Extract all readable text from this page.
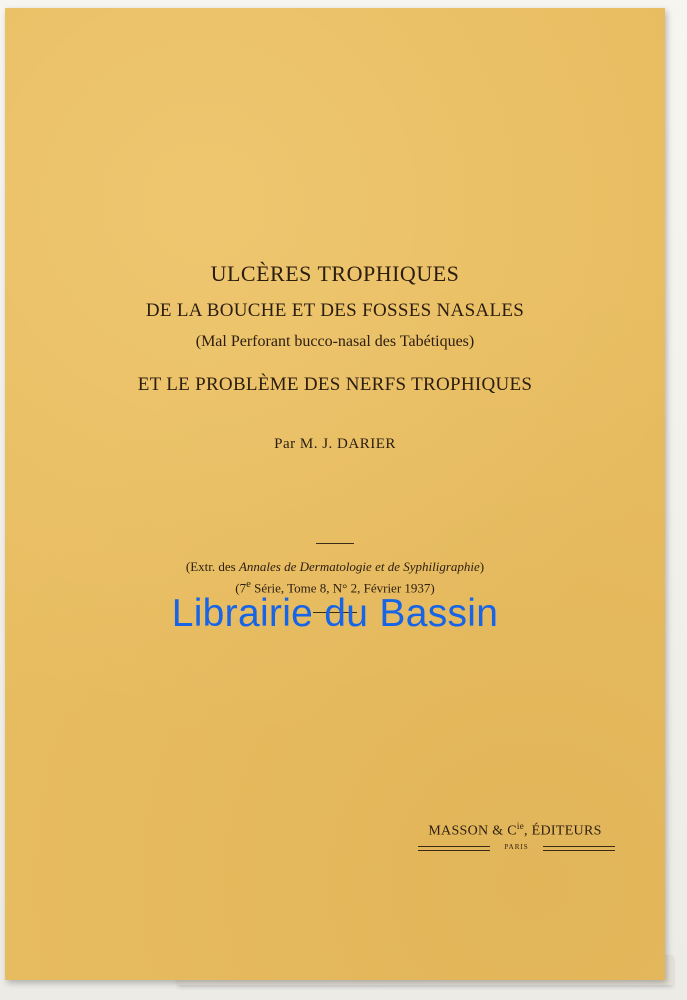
ULCÈRES TROPHIQUES
DE LA BOUCHE ET DES FOSSES NASALES
(Mal Perforant bucco-nasal des Tabétiques)
ET LE PROBLÈME DES NERFS TROPHIQUES
Par M. J. DARIER
(Extr. des Annales de Dermatologie et de Syphiligraphie)
(7e Série, Tome 8, N° 2, Février 1937)
Librairie du Bassin
MASSON & $C^{ie}$, ÉDITEURS
PARIS
